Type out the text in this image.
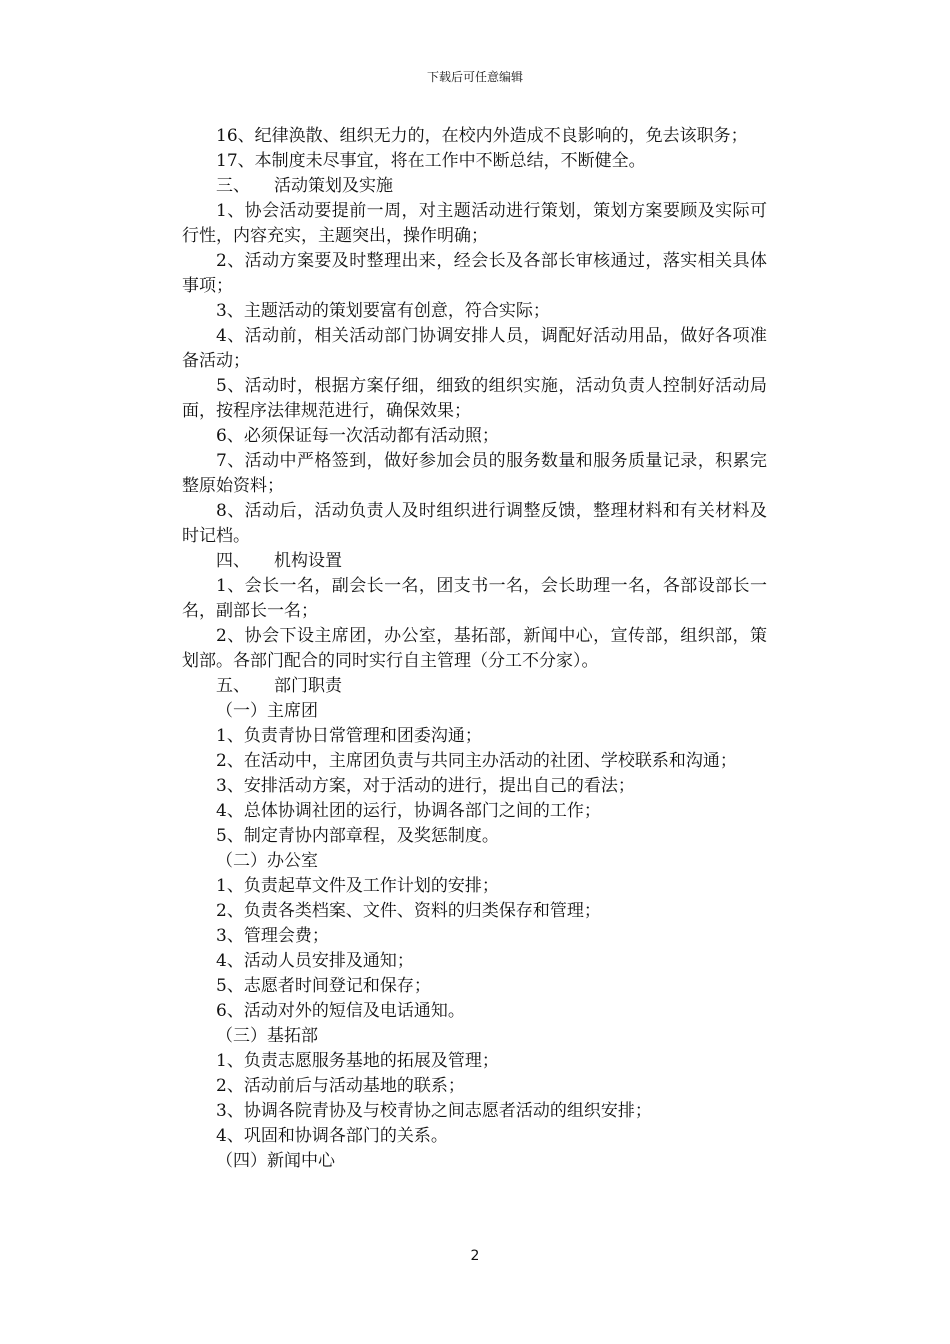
下载后可任意编辑

16、纪律涣散、组织无力的，在校内外造成不良影响的，免去该职务；

17、本制度未尽事宜，将在工作中不断总结，不断健全。

三、 活动策划及实施

1、协会活动要提前一周，对主题活动进行策划，策划方案要顾及实际可行性，内容充实，主题突出，操作明确；

2、活动方案要及时整理出来，经会长及各部长审核通过，落实相关具体事项；

3、主题活动的策划要富有创意，符合实际；

4、活动前，相关活动部门协调安排人员，调配好活动用品，做好各项准备活动；

5、活动时，根据方案仔细，细致的组织实施，活动负责人控制好活动局面，按程序法律规范进行，确保效果；

6、必须保证每一次活动都有活动照；

7、活动中严格签到，做好参加会员的服务数量和服务质量记录，积累完整原始资料；

8、活动后，活动负责人及时组织进行调整反馈，整理材料和有关材料及时记档。

四、 机构设置

1、会长一名，副会长一名，团支书一名，会长助理一名，各部设部长一名，副部长一名；

2、协会下设主席团，办公室，基拓部，新闻中心，宣传部，组织部，策划部。各部门配合的同时实行自主管理（分工不分家）。

五、 部门职责

（一）主席团

1、负责青协日常管理和团委沟通；

2、在活动中，主席团负责与共同主办活动的社团、学校联系和沟通；

3、安排活动方案，对于活动的进行，提出自己的看法；

4、总体协调社团的运行，协调各部门之间的工作；

5、制定青协内部章程，及奖惩制度。

（二）办公室

1、负责起草文件及工作计划的安排；

2、负责各类档案、文件、资料的归类保存和管理；

3、管理会费；

4、活动人员安排及通知；

5、志愿者时间登记和保存；

6、活动对外的短信及电话通知。

（三）基拓部

1、负责志愿服务基地的拓展及管理；

2、活动前后与活动基地的联系；

3、协调各院青协及与校青协之间志愿者活动的组织安排；

4、巩固和协调各部门的关系。

（四）新闻中心

2
